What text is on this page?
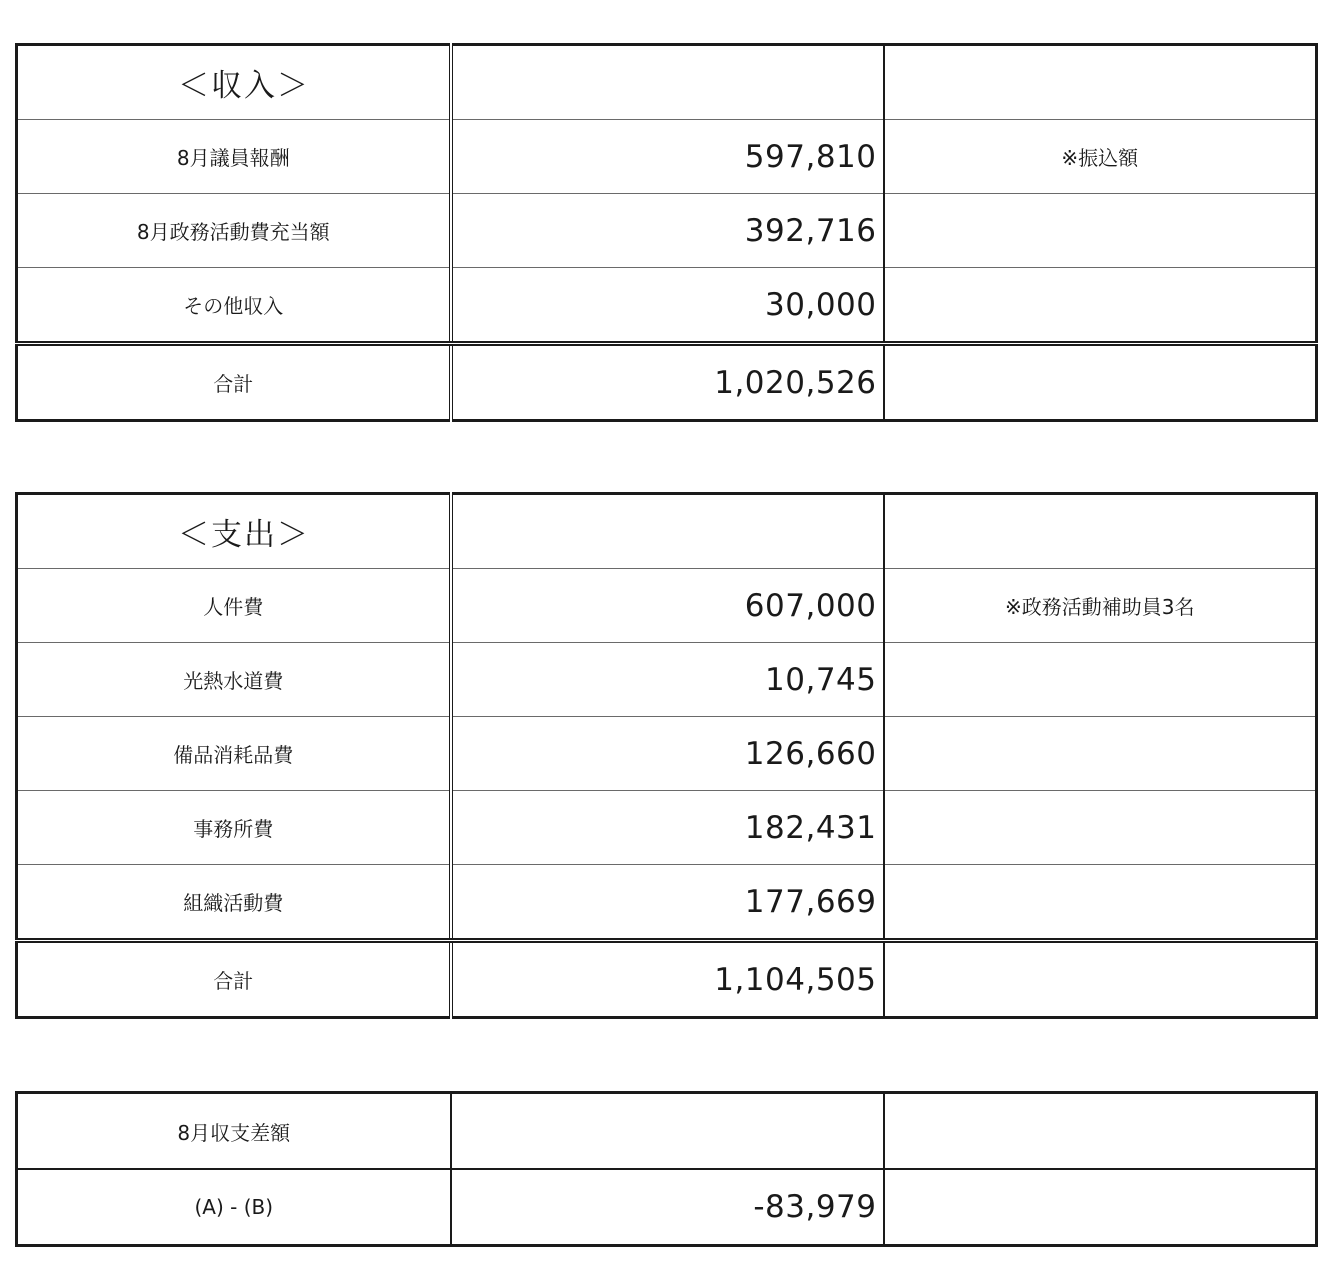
＜収入＞		
8月議員報酬	597,810	※振込額
8月政務活動費充当額	392,716	
その他収入	30,000	
合計	1,020,526	
＜支出＞		
人件費	607,000	※政務活動補助員3名
光熱水道費	10,745	
備品消耗品費	126,660	
事務所費	182,431	
組織活動費	177,669	
合計	1,104,505	
8月収支差額		
(A) - (B)	-83,979	
